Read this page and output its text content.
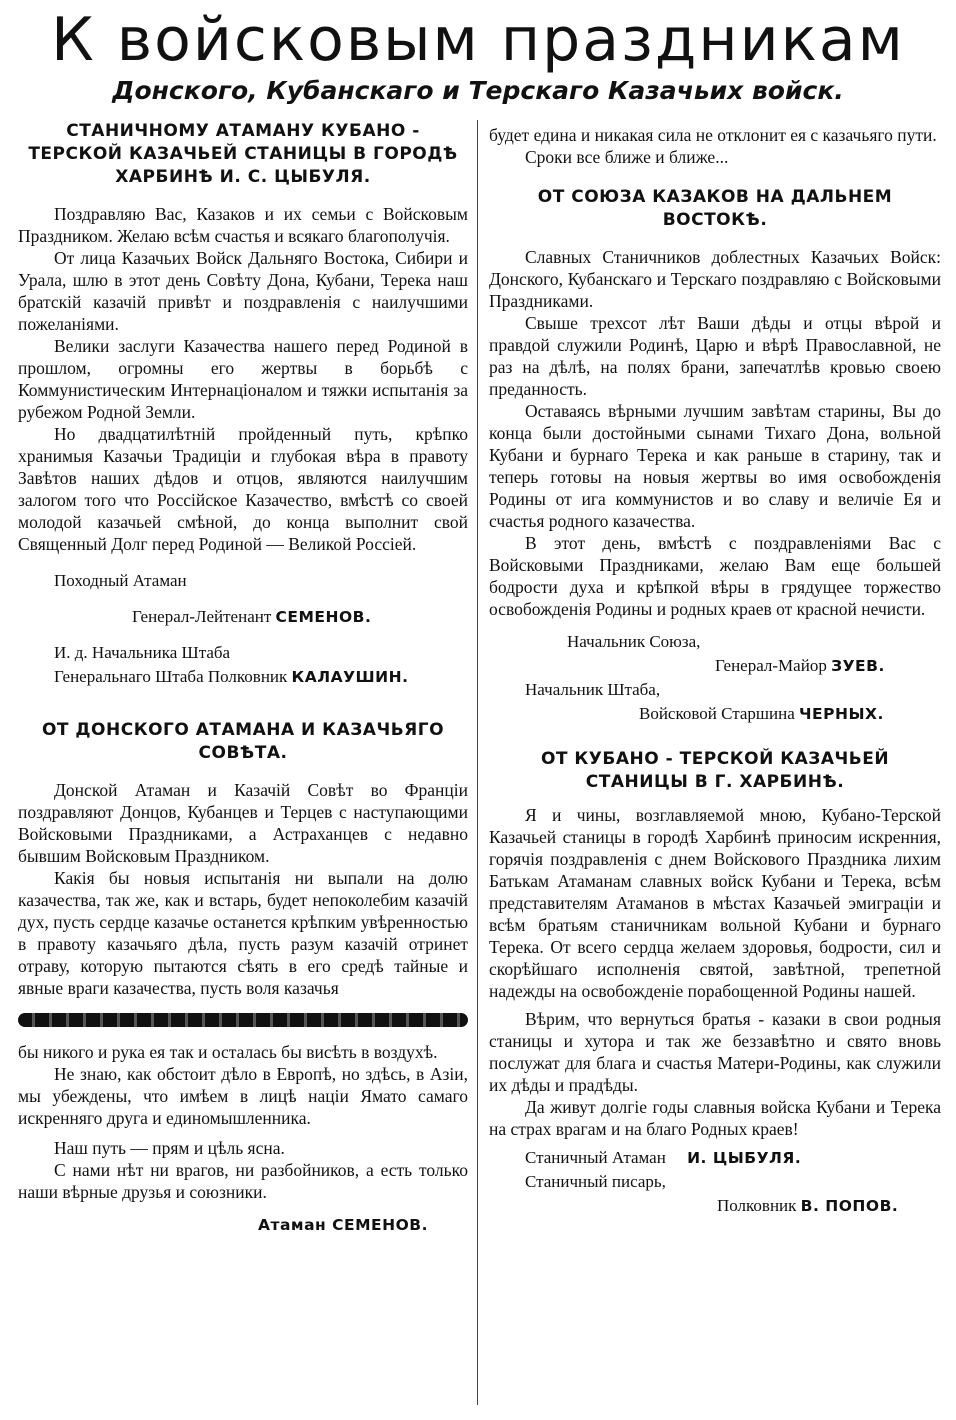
К войсковым праздникам
Донского, Кубанскаго и Терскаго Казачьих войск.
СТАНИЧНОМУ АТАМАНУ КУБАНО - ТЕРСКОЙ КАЗАЧЬЕЙ СТАНИЦЫ В ГОРОДѢ ХАРБИНѢ И. С. ЦЫБУЛЯ.

Поздравляю Вас, Казаков и их семьи с Войсковым Праздником. Желаю всѣм счастья и всякаго благополучія.

От лица Казачьих Войск Дальняго Востока, Сибири и Урала, шлю в этот день Совѣту Дона, Кубани, Терека наш братскій казачій привѣт и поздравленія с наилучшими пожеланіями.

Велики заслуги Казачества нашего перед Родиной в прошлом, огромны его жертвы в борьбѣ с Коммунистическим Интернаціоналом и тяжки испытанія за рубежом Родной Земли.

Но двадцатилѣтній пройденный путь, крѣпко хранимыя Казачьи Традиціи и глубокая вѣра в правоту Завѣтов наших дѣдов и отцов, являются наилучшим залогом того что Россійское Казачество, вмѣстѣ со своей молодой казачьей смѣной, до конца выполнит свой Священный Долг перед Родиной — Великой Россіей.

Походный Атаман
Генерал-Лейтенант СЕМЕНОВ.
И. д. Начальника Штаба
Генеральнаго Штаба Полковник КАЛАУШИН.
ОТ ДОНСКОГО АТАМАНА И КАЗАЧЬЯГО СОВѢТА.

Донской Атаман и Казачій Совѣт во Франціи поздравляют Донцов, Кубанцев и Терцев с наступающими Войсковыми Праздниками, а Астраханцев с недавно бывшим Войсковым Праздником.

Какія бы новыя испытанія ни выпали на долю казачества, так же, как и встарь, будет непоколебим казачій дух, пусть сердце казачье останется крѣпким увѣренностью в правоту казачьяго дѣла, пусть разум казачій отринет отраву, которую пытаются сѣять в его средѣ тайные и явные враги казачества, пусть воля казачья

бы никого и рука ея так и осталась бы висѣть в воздухѣ.

Не знаю, как обстоит дѣло в Европѣ, но здѣсь, в Азіи, мы убеждены, что имѣем в лицѣ націи Ямато самаго искренняго друга и единомышленника.

Наш путь — прям и цѣль ясна.

С нами нѣт ни врагов, ни разбойников, а есть только наши вѣрные друзья и союзники.

Атаман СЕМЕНОВ.

будет едина и никакая сила не отклонит ея с казачьяго пути.

Сроки все ближе и ближе...

ОТ СОЮЗА КАЗАКОВ НА ДАЛЬНЕМ ВОСТОКѢ.

Славных Станичников доблестных Казачьих Войск: Донского, Кубанскаго и Терскаго поздравляю с Войсковыми Праздниками.

Свыше трехсот лѣт Ваши дѣды и отцы вѣрой и правдой служили Родинѣ, Царю и вѣрѣ Православной, не раз на дѣлѣ, на полях брани, запечатлѣв кровью своею преданность.

Оставаясь вѣрными лучшим завѣтам старины, Вы до конца были достойными сынами Тихаго Дона, вольной Кубани и бурнаго Терека и как раньше в старину, так и теперь готовы на новыя жертвы во имя освобожденія Родины от ига коммунистов и во славу и величіе Ея и счастья родного казачества.

В этот день, вмѣстѣ с поздравленіями Вас с Войсковыми Праздниками, желаю Вам еще большей бодрости духа и крѣпкой вѣры в грядущее торжество освобожденія Родины и родных краев от красной нечисти.

Начальник Союза,
Генерал-Майор ЗУЕВ.
Начальник Штаба,
Войсковой Старшина ЧЕРНЫХ.
ОТ КУБАНО - ТЕРСКОЙ КАЗАЧЬЕЙ СТАНИЦЫ В Г. ХАРБИНѢ.

Я и чины, возглавляемой мною, Кубано-Терской Казачьей станицы в городѣ Харбинѣ приносим искренния, горячія поздравленія с днем Войскового Праздника лихим Батькам Атаманам славных войск Кубани и Терека, всѣм представителям Атаманов в мѣстах Казачьей эмиграціи и всѣм братьям станичникам вольной Кубани и бурнаго Терека. От всего сердца желаем здоровья, бодрости, сил и скорѣйшаго исполненія святой, завѣтной, трепетной надежды на освобожденіе порабощенной Родины нашей.

Вѣрим, что вернуться братья - казаки в свои родныя станицы и хутора и так же беззавѣтно и свято вновь послужат для блага и счастья Матери-Родины, как служили их дѣды и прадѣды.

Да живут долгіе годы славныя войска Кубани и Терека на страх врагам и на благо Родных краев!

Станичный Атаман И. ЦЫБУЛЯ.
Станичный писарь,
Полковник В. ПОПОВ.
